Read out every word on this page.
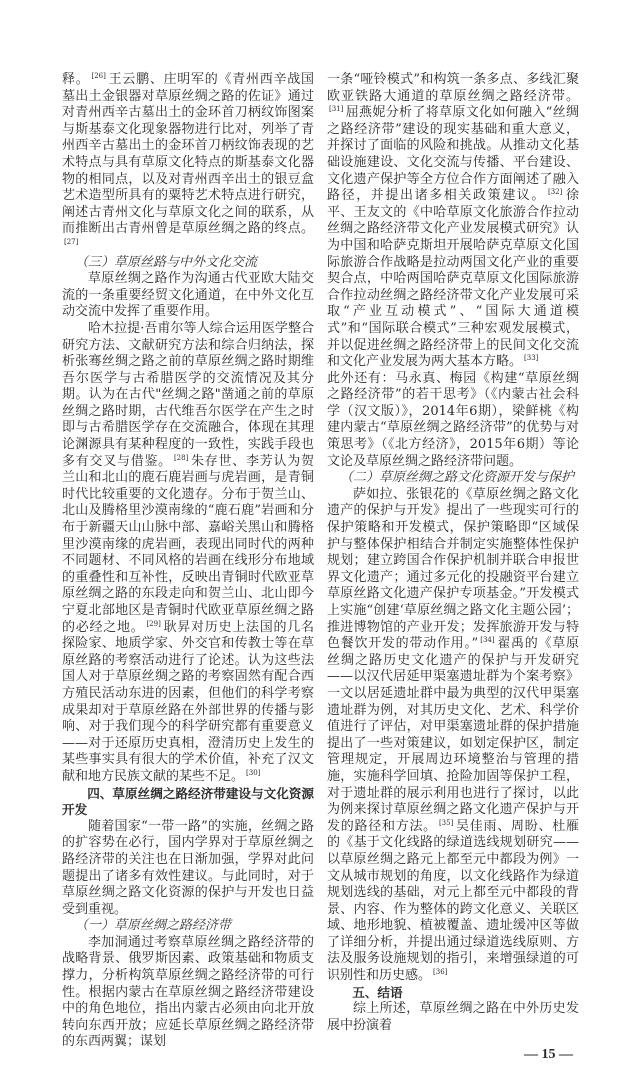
释。 [26] 王云鹏、庄明军的《青州西辛战国墓出土金银器对草原丝绸之路的佐证》通过对青州西辛古墓出土的金环首刀柄纹饰图案与斯基泰文化现象器物进行比对，列举了青州西辛古墓出土的金环首刀柄纹饰表现的艺术特点与具有草原文化特点的斯基泰文化器物的相同点，以及对青州西辛出土的银豆盒艺术造型所具有的粟特艺术特点进行研究，阐述古青州文化与草原文化之间的联系，从而推断出古青州曾是草原丝绸之路的终点。[27]

（三）草原丝路与中外文化交流

草原丝绸之路作为沟通古代亚欧大陆交流的一条重要经贸文化通道，在中外文化互动交流中发挥了重要作用。

哈木拉提·吾甫尔等人综合运用医学整合研究方法、文献研究方法和综合归纳法，探析张骞丝绸之路之前的草原丝绸之路时期维吾尔医学与古希腊医学的交流情况及其分期。认为在古代"丝绸之路"凿通之前的草原丝绸之路时期，古代维吾尔医学在产生之时即与古希腊医学存在交流融合，体现在其理论渊源具有某种程度的一致性，实践手段也多有交叉与借鉴。 [28] 朱存世、李芳认为贺兰山和北山的鹿石鹿岩画与虎岩画，是青铜时代比较重要的文化遗存。分布于贺兰山、北山及腾格里沙漠南缘的“鹿石鹿”岩画和分布于新疆天山山脉中部、嘉峪关黑山和腾格里沙漠南缘的虎岩画，表现出同时代的两种不同题材、不同风格的岩画在线形分布地域的重叠性和互补性，反映出青铜时代欧亚草原丝绸之路的东段走向和贺兰山、北山即今宁夏北部地区是青铜时代欧亚草原丝绸之路的必经之地。 [29] 耿昇对历史上法国的几名探险家、地质学家、外交官和传教士等在草原丝路的考察活动进行了论述。认为这些法国人对于草原丝绸之路的考察固然有配合西方殖民活动东进的因素，但他们的科学考察成果却对于草原丝路在外部世界的传播与影响、对于我们现今的科学研究都有重要意义——对于还原历史真相，澄清历史上发生的某些事实具有很大的学术价值，补充了汉文献和地方民族文献的某些不足。 [30]

四、草原丝绸之路经济带建设与文化资源开发

随着国家“一带一路”的实施，丝绸之路的扩容势在必行，国内学界对于草原丝绸之路经济带的关注也在日渐加强，学界对此问题提出了诸多有效性建议。与此同时，对于草原丝绸之路文化资源的保护与开发也日益受到重视。

（一）草原丝绸之路经济带

李加洞通过考察草原丝绸之路经济带的战略背景、俄罗斯因素、政策基础和物质支撑力，分析构筑草原丝绸之路经济带的可行性。根据内蒙古在草原丝绸之路经济带建设中的角色地位，指出内蒙古必须由向北开放转向东西开放；应延长草原丝绸之路经济带的东西两翼；谋划

一条“哑铃模式”和构筑一条多点、多线汇聚欧亚铁路大通道的草原丝绸之路经济带。[31] 屈燕妮分析了将草原文化如何融入“丝绸之路经济带”建设的现实基础和重大意义，并探讨了面临的风险和挑战。从推动文化基础设施建设、文化交流与传播、平台建设、文化遗产保护等全方位合作方面阐述了融入路径，并提出诸多相关政策建议。 [32] 徐平、王友文的《中哈草原文化旅游合作拉动丝绸之路经济带文化产业发展模式研究》认为中国和哈萨克斯坦开展哈萨克草原文化国际旅游合作战略是拉动两国文化产业的重要契合点，中哈两国哈萨克草原文化国际旅游合作拉动丝绸之路经济带文化产业发展可采取“产业互动模式”、“国际大通道模式”和“国际联合模式”三种宏观发展模式，并以促进丝绸之路经济带上的民间文化交流和文化产业发展为两大基本方略。 [33]

此外还有：马永真、梅园《构建“草原丝绸之路经济带”的若干思考》（《内蒙古社会科学（汉文版）》，2014年6期），梁鲜桃《构建内蒙古“草原丝绸之路经济带”的优势与对策思考》（《北方经济》，2015年6期）等论文论及草原丝绸之路经济带问题。

（二）草原丝绸之路文化资源开发与保护

萨如拉、张银花的《草原丝绸之路文化遗产的保护与开发》提出了一些现实可行的保护策略和开发模式，保护策略即“区域保护与整体保护相结合并制定实施整体性保护规划；建立跨国合作保护机制并联合申报世界文化遗产；通过多元化的投融资平台建立草原丝路文化遗产保护专项基金。”开发模式上实施“创建‘草原丝绸之路文化主题公园’；推进博物馆的产业开发；发挥旅游开发与特色餐饮开发的带动作用。” [34] 翟禹的《草原丝绸之路历史文化遗产的保护与开发研究——以汉代居延甲渠塞遗址群为个案考察》一文以居延遗址群中最为典型的汉代甲渠塞遗址群为例，对其历史文化、艺术、科学价值进行了评估，对甲渠塞遗址群的保护措施提出了一些对策建议，如划定保护区，制定管理规定，开展周边环境整治与管理的措施，实施科学回填、抢险加固等保护工程，对于遗址群的展示利用也进行了探讨，以此为例来探讨草原丝绸之路文化遗产保护与开发的路径和方法。 [35] 吴佳雨、周盼、杜雁的《基于文化线路的绿道选线规划研究——以草原丝绸之路元上都至元中都段为例》一文从城市规划的角度，以文化线路作为绿道规划选线的基础，对元上都至元中都段的背景、内容、作为整体的跨文化意义、关联区域、地形地貌、植被覆盖、遗址缓冲区等做了详细分析，并提出通过绿道选线原则、方法及服务设施规划的指引，来增强绿道的可识别性和历史感。 [36]

五、结语

综上所述，草原丝绸之路在中外历史发展中扮演着

— 15 —
